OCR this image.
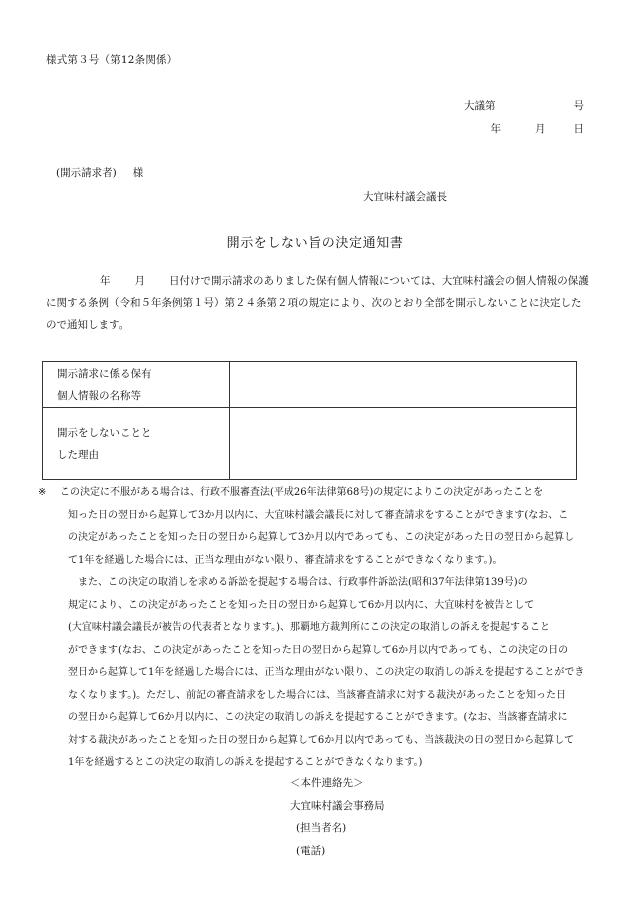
様式第３号（第12条関係）
大議第	号
年	月	日
(開示請求者) 様
大宜味村議会議長
開示をしない旨の決定通知書
年 月 日付けで開示請求のありました保有個人情報については、大宜味村議会の個人情報の保護
に関する条例（令和５年条例第１号）第２４条第２項の規定により、次のとおり全部を開示しないことに決定した
ので通知します。
開示請求に係る保有
個人情報の名称等	

開示をしないことと
した理由	

※ この決定に不服がある場合は、行政不服審査法(平成26年法律第68号)の規定によりこの決定があったことを
知った日の翌日から起算して3か月以内に、大宜味村議会議長に対して審査請求をすることができます(なお、こ
の決定があったことを知った日の翌日から起算して3か月以内であっても、この決定があった日の翌日から起算し
て1年を経過した場合には、正当な理由がない限り、審査請求をすることができなくなります。)。
また、この決定の取消しを求める訴訟を提起する場合は、行政事件訴訟法(昭和37年法律第139号)の
規定により、この決定があったことを知った日の翌日から起算して6か月以内に、大宜味村を被告として
(大宜味村議会議長が被告の代表者となります。)、那覇地方裁判所にこの決定の取消しの訴えを提起すること
ができます(なお、この決定があったことを知った日の翌日から起算して6か月以内であっても、この決定の日の
翌日から起算して1年を経過した場合には、正当な理由がない限り、この決定の取消しの訴えを提起することができ
なくなります。)。ただし、前記の審査請求をした場合には、当該審査請求に対する裁決があったことを知った日
の翌日から起算して6か月以内に、この決定の取消しの訴えを提起することができます。(なお、当該審査請求に
対する裁決があったことを知った日の翌日から起算して6か月以内であっても、当該裁決の日の翌日から起算して
1年を経過するとこの決定の取消しの訴えを提起することができなくなります。)
＜本件連絡先＞
大宜味村議会事務局
(担当者名)
(電話)
